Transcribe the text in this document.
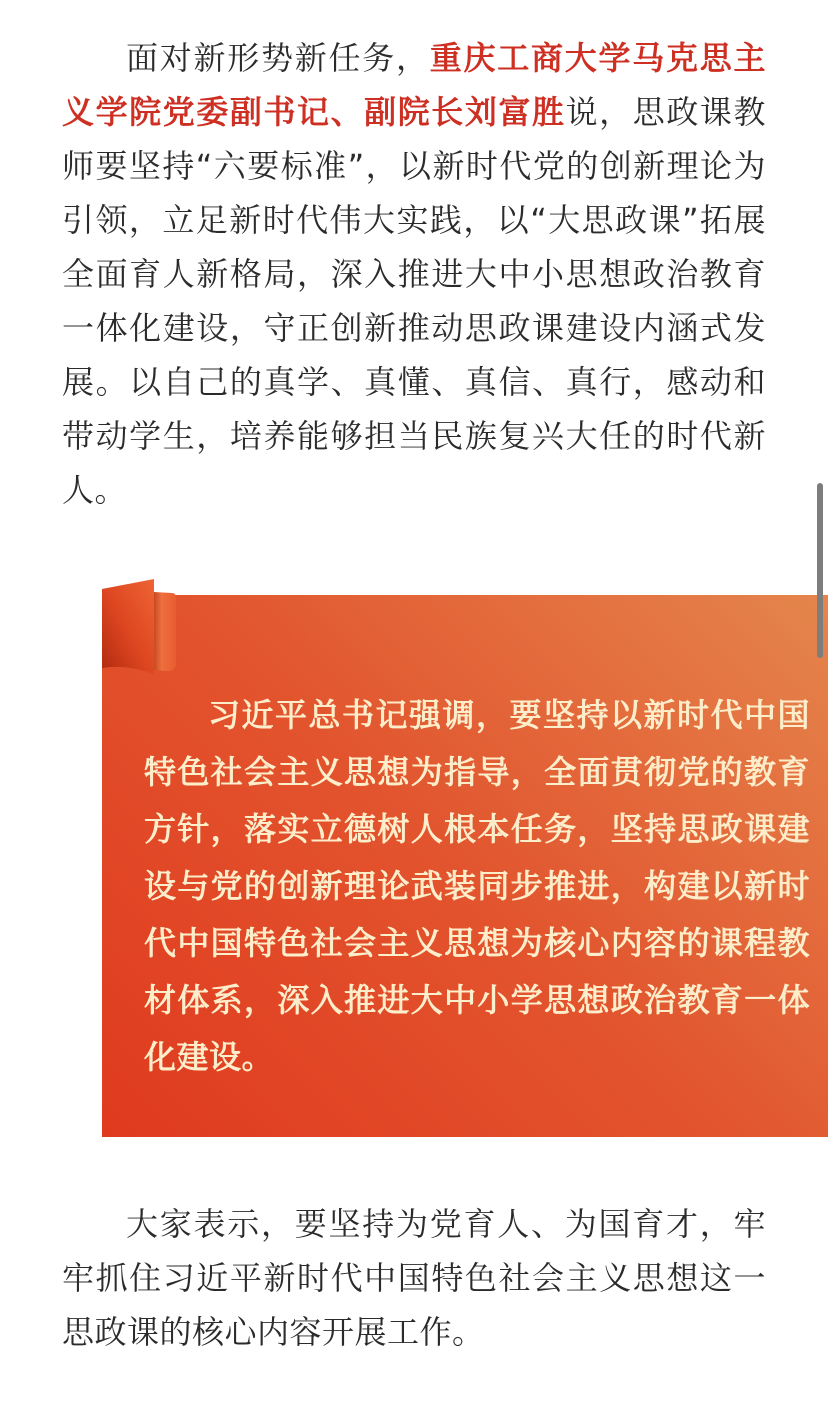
面对新形势新任务，重庆工商大学马克思主义学院党委副书记、副院长刘富胜说，思政课教师要坚持“六要标准”，以新时代党的创新理论为引领，立足新时代伟大实践，以“大思政课”拓展全面育人新格局，深入推进大中小思想政治教育一体化建设，守正创新推动思政课建设内涵式发展。以自己的真学、真懂、真信、真行，感动和带动学生，培养能够担当民族复兴大任的时代新人。

习近平总书记强调，要坚持以新时代中国特色社会主义思想为指导，全面贯彻党的教育方针，落实立德树人根本任务，坚持思政课建设与党的创新理论武装同步推进，构建以新时代中国特色社会主义思想为核心内容的课程教材体系，深入推进大中小学思想政治教育一体化建设。

大家表示，要坚持为党育人、为国育才，牢牢抓住习近平新时代中国特色社会主义思想这一思政课的核心内容开展工作。
